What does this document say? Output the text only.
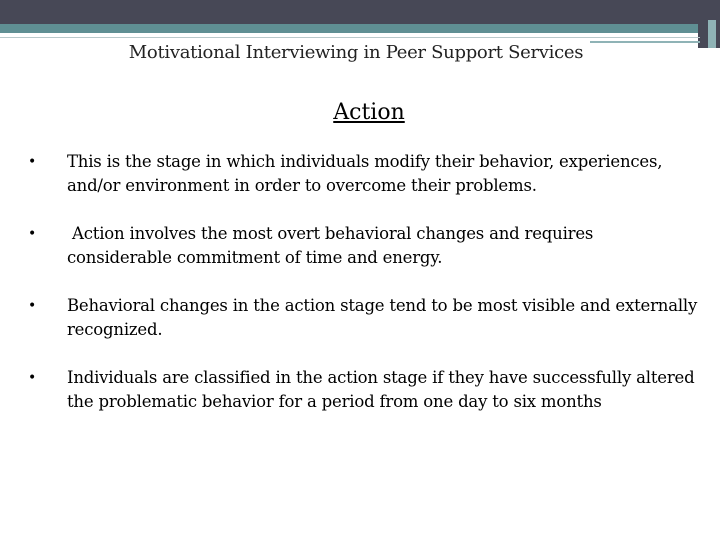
Motivational Interviewing in Peer Support Services
Action
•	This is the stage in which individuals modify their behavior, experiences, and/or environment in order to overcome their problems.
•	Action involves the most overt behavioral changes and requires considerable commitment of time and energy.
•	Behavioral changes in the action stage tend to be most visible and externally recognized.
•	Individuals are classified in the action stage if they have successfully altered the problematic behavior for a period from one day to six months
